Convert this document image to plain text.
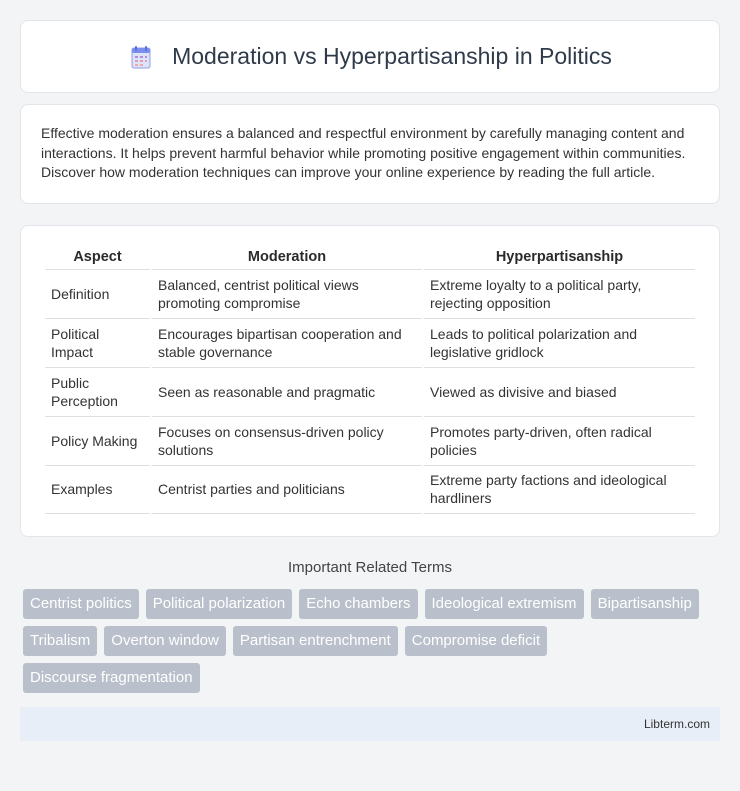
Moderation vs Hyperpartisanship in Politics

Effective moderation ensures a balanced and respectful environment by carefully managing content and interactions. It helps prevent harmful behavior while promoting positive engagement within communities. Discover how moderation techniques can improve your online experience by reading the full article.

Aspect	Moderation	Hyperpartisanship
Definition	Balanced, centrist political views promoting compromise	Extreme loyalty to a political party, rejecting opposition
Political Impact	Encourages bipartisan cooperation and stable governance	Leads to political polarization and legislative gridlock
Public Perception	Seen as reasonable and pragmatic	Viewed as divisive and biased
Policy Making	Focuses on consensus-driven policy solutions	Promotes party-driven, often radical policies
Examples	Centrist parties and politicians	Extreme party factions and ideological hardliners
Important Related Terms
Centrist politics	Political polarization	Echo chambers	Ideological extremism	Bipartisanship
Tribalism	Overton window	Partisan entrenchment	Compromise deficit
Discourse fragmentation
Libterm.com
